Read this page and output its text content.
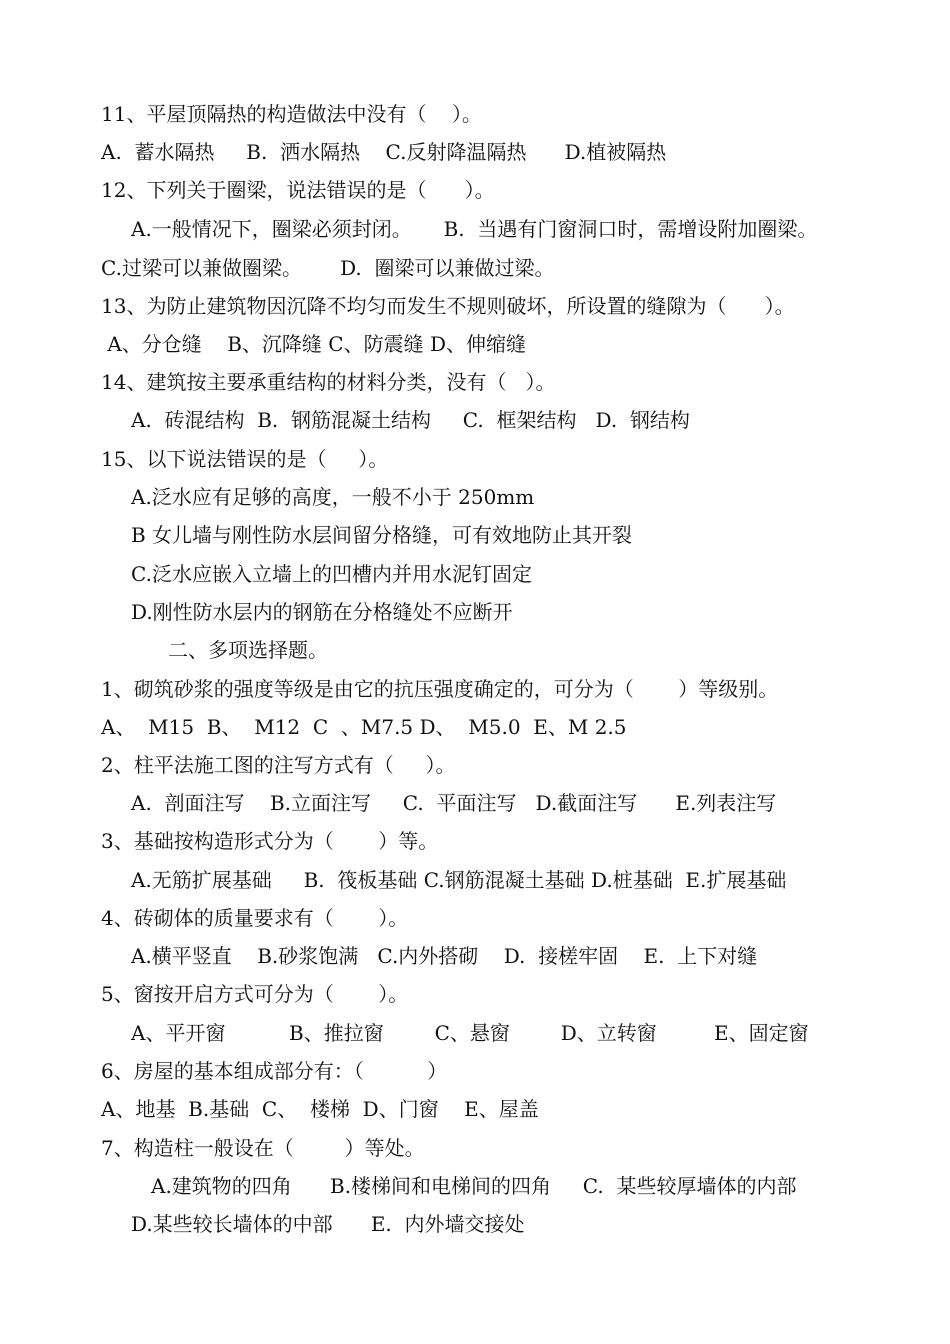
11、平屋顶隔热的构造做法中没有（    ）。
A.  蓄水隔热     B.  洒水隔热    C.反射降温隔热      D.植被隔热
12、下列关于圈梁，说法错误的是（      ）。
A.一般情况下，圈梁必须封闭。     B.  当遇有门窗洞口时，需增设附加圈梁。
C.过梁可以兼做圈梁。      D.  圈梁可以兼做过梁。
13、为防止建筑物因沉降不均匀而发生不规则破坏，所设置的缝隙为（      ）。
A、分仓缝    B、沉降缝 C、防震缝 D、伸缩缝
14、建筑按主要承重结构的材料分类，没有（   ）。
A.  砖混结构  B.  钢筋混凝土结构     C.  框架结构   D.  钢结构
15、以下说法错误的是（     ）。
A.泛水应有足够的高度，一般不小于 250mm
B 女儿墙与刚性防水层间留分格缝，可有效地防止其开裂
C.泛水应嵌入立墙上的凹槽内并用水泥钉固定
D.刚性防水层内的钢筋在分格缝处不应断开
二、多项选择题。
1、砌筑砂浆的强度等级是由它的抗压强度确定的，可分为（       ）等级别。
A、  M15  B、  M12  C  、M7.5 D、  M5.0  E、M 2.5
2、柱平法施工图的注写方式有（     ）。
A.  剖面注写    B.立面注写     C.  平面注写   D.截面注写      E.列表注写
3、基础按构造形式分为（       ）等。
A.无筋扩展基础     B.  筏板基础 C.钢筋混凝土基础 D.桩基础  E.扩展基础
4、砖砌体的质量要求有（       ）。
A.横平竖直    B.砂浆饱满   C.内外搭砌    D.  接槎牢固    E.  上下对缝
5、窗按开启方式可分为（       ）。
A、平开窗          B、推拉窗        C、悬窗        D、立转窗         E、固定窗
6、房屋的基本组成部分有：（          ）
A、地基  B.基础  C、  楼梯  D、门窗    E、屋盖
7、构造柱一般设在（        ）等处。
A.建筑物的四角      B.楼梯间和电梯间的四角     C.  某些较厚墙体的内部
D.某些较长墙体的中部      E.  内外墙交接处
